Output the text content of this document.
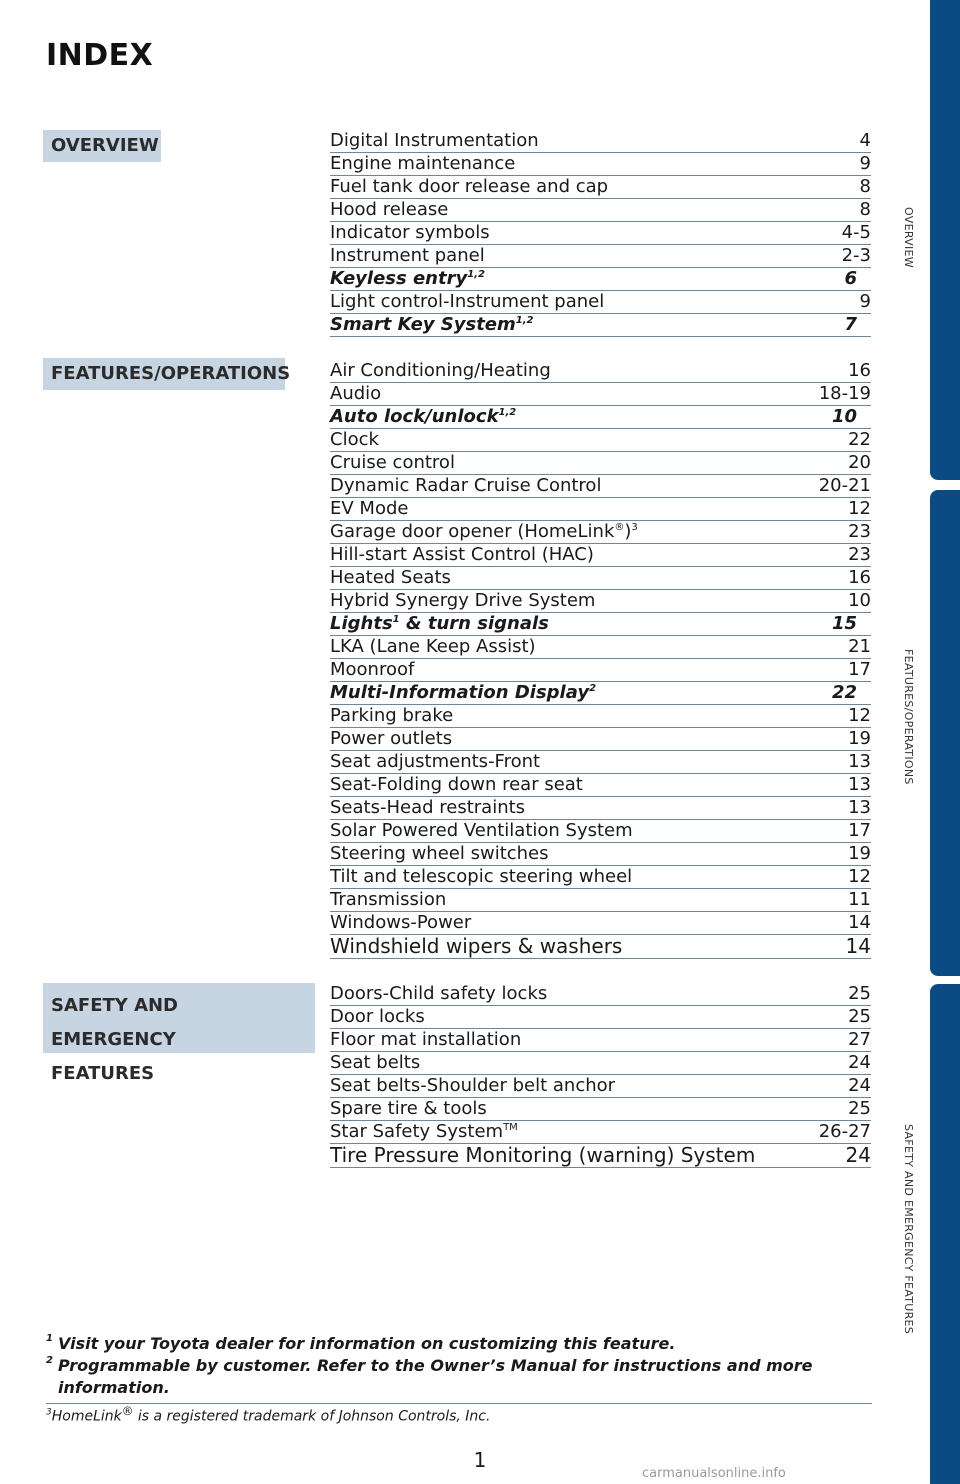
INDEX
OVERVIEW
FEATURES/OPERATIONS
SAFETY AND EMERGENCY
FEATURES
Digital Instrumentation	4
Engine maintenance	9
Fuel tank door release and cap	8
Hood release	8
Indicator symbols	4-5
Instrument panel	2-3
Keyless entry$^{1,2}$	6
Light control-Instrument panel	9
Smart Key System$^{1,2}$	7
Air Conditioning/Heating	16
Audio	18-19
Auto lock/unlock$^{1,2}$	10
Clock	22
Cruise control	20
Dynamic Radar Cruise Control	20-21
EV Mode	12
Garage door opener (HomeLink®)$^3$	23
Hill-start Assist Control (HAC)	23
Heated Seats	16
Hybrid Synergy Drive System	10
Lights$^1$ & turn signals	15
LKA (Lane Keep Assist)	21
Moonroof	17
Multi-Information Display$^2$	22
Parking brake	12
Power outlets	19
Seat adjustments-Front	13
Seat-Folding down rear seat	13
Seats-Head restraints	13
Solar Powered Ventilation System	17
Steering wheel switches	19
Tilt and telescopic steering wheel	12
Transmission	11
Windows-Power	14
Windshield wipers & washers	14
Doors-Child safety locks	25
Door locks	25
Floor mat installation	27
Seat belts	24
Seat belts-Shoulder belt anchor	24
Spare tire & tools	25
Star Safety System™	26-27
Tire Pressure Monitoring (warning) System	24
1 Visit your Toyota dealer for information on customizing this feature.
2 Programmable by customer. Refer to the Owner’s Manual for instructions and more information.
$^3$HomeLink® is a registered trademark of Johnson Controls, Inc.
1
OVERVIEW
FEATURES/OPERATIONS
SAFETY AND EMERGENCY FEATURES
carmanualsonline.info
